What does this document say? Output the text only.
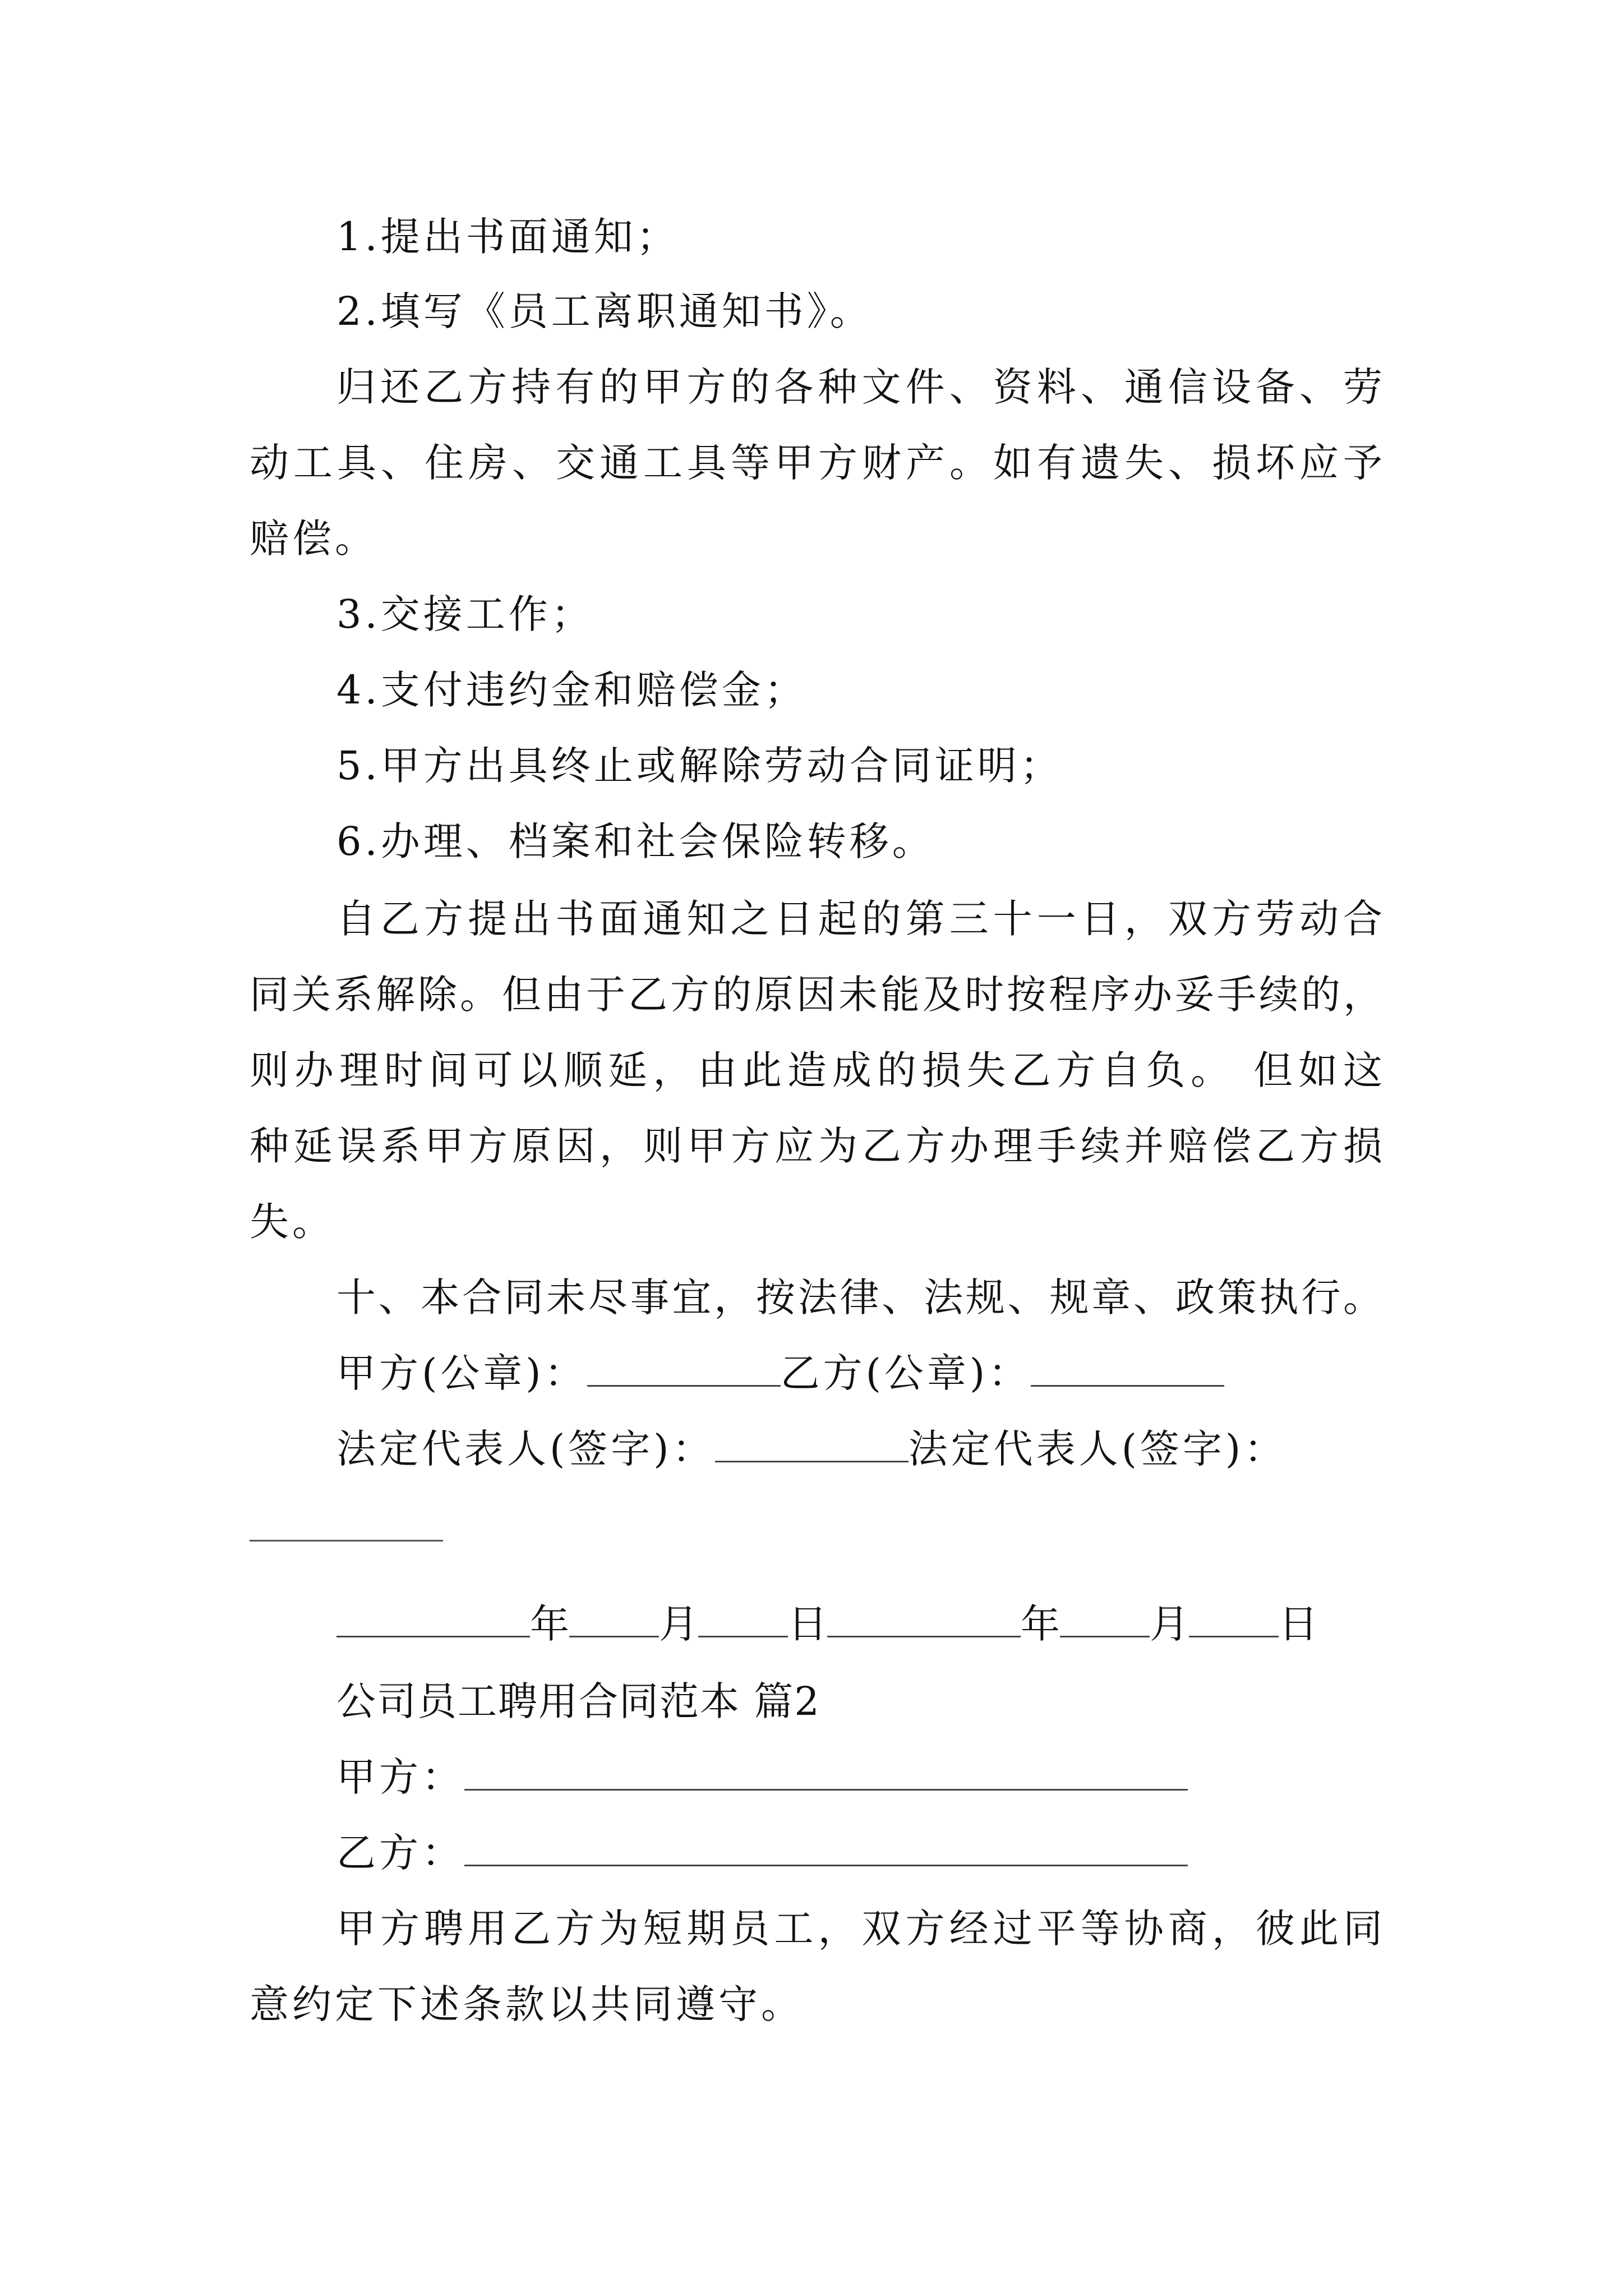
1.提出书面通知；
2.填写《员工离职通知书》。
归还乙方持有的甲方的各种文件、资料、通信设备、劳
动工具、住房、交通工具等甲方财产。如有遗失、损坏应予
赔偿。
3.交接工作；
4.支付违约金和赔偿金；
5.甲方出具终止或解除劳动合同证明；
6.办理、档案和社会保险转移。
自乙方提出书面通知之日起的第三十一日，双方劳动合
同关系解除。但由于乙方的原因未能及时按程序办妥手续的，
则办理时间可以顺延，由此造成的损失乙方自负。 但如这
种延误系甲方原因，则甲方应为乙方办理手续并赔偿乙方损
失。
十、本合同未尽事宜，按法律、法规、规章、政策执行。
甲方(公章)：	乙方(公章)：
法定代表人(签字)：	法定代表人(签字)：
年 月 日	年 月 日
公司员工聘用合同范本 篇2
甲方：
乙方：
甲方聘用乙方为短期员工，双方经过平等协商，彼此同
意约定下述条款以共同遵守。
